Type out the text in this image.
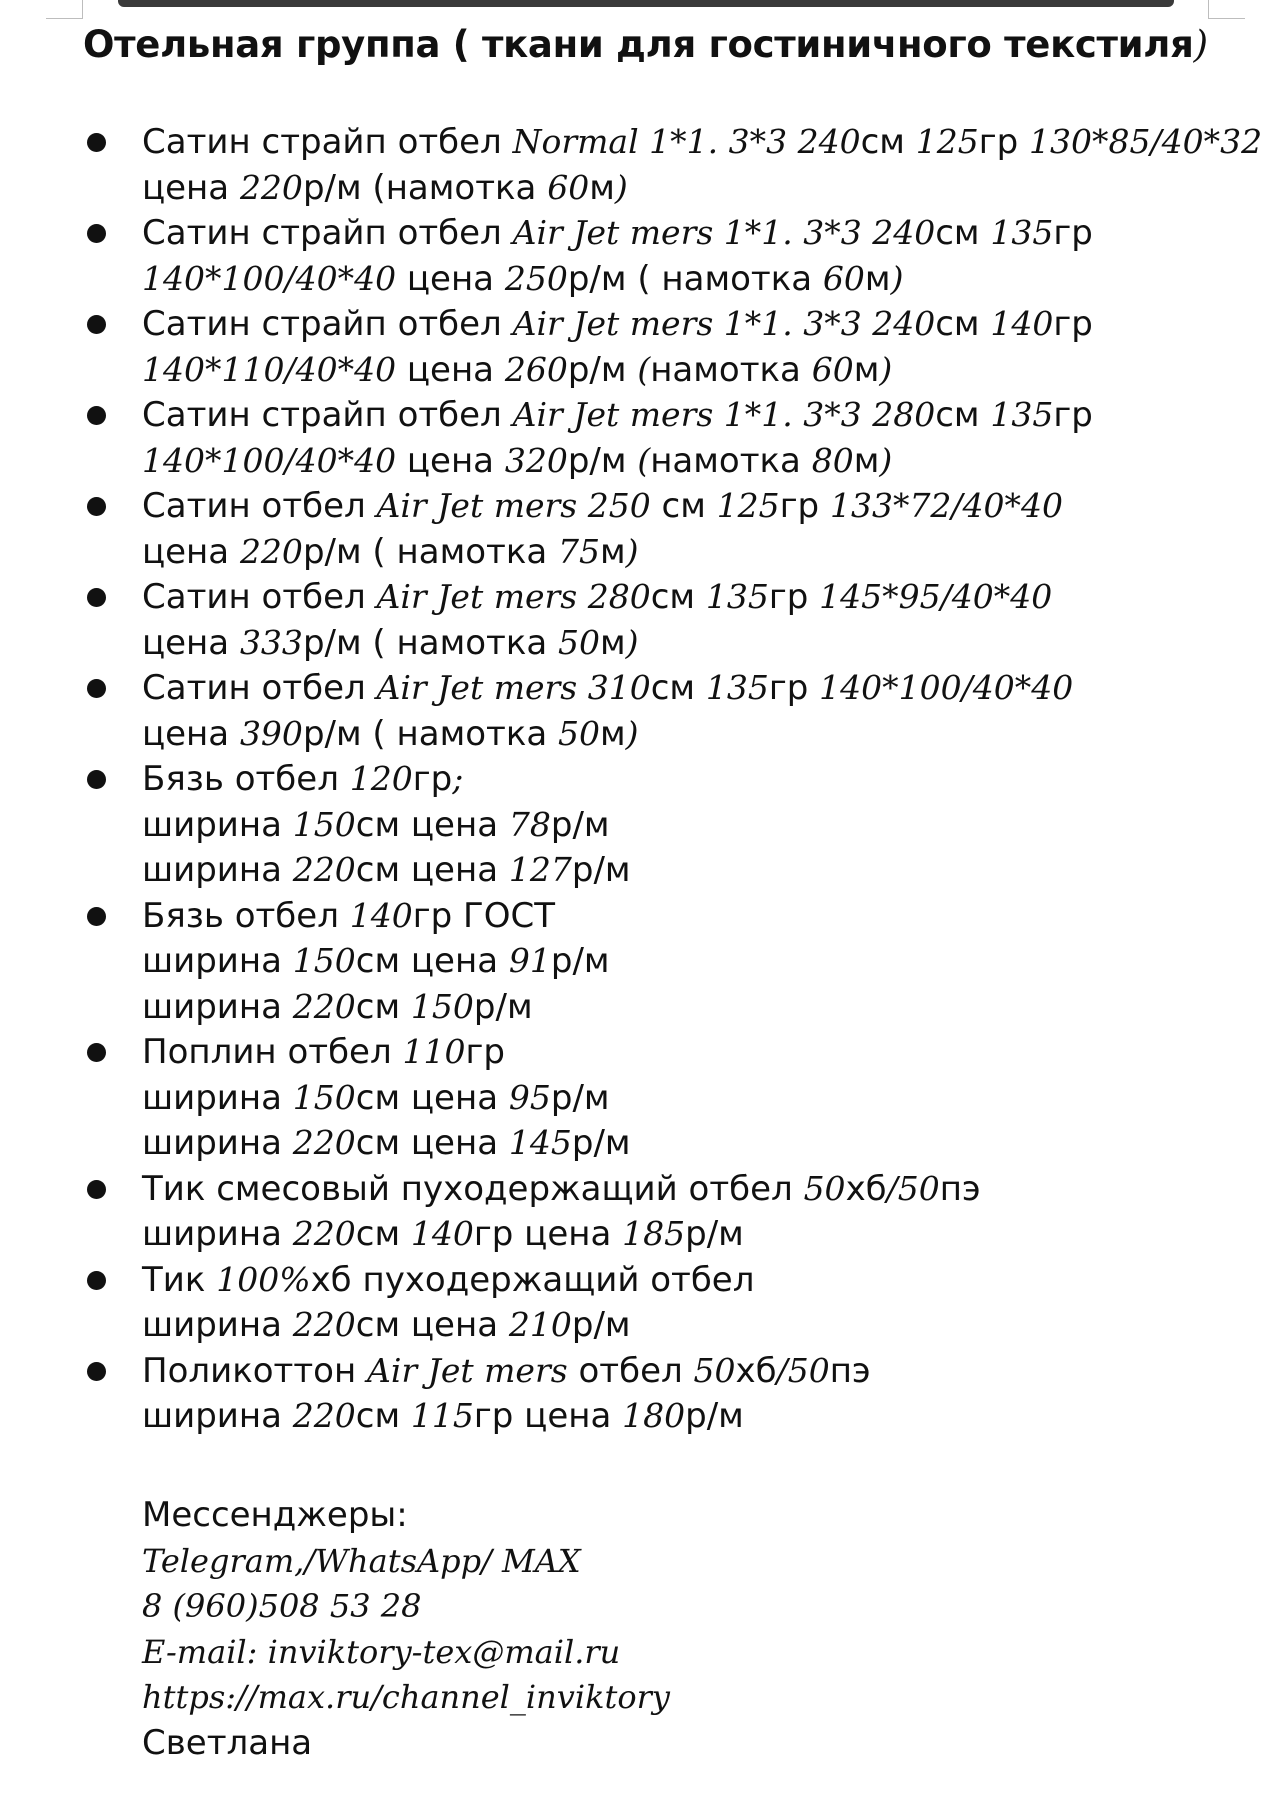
Отельная группа ( ткани для гостиничного текстиля)
Сатин страйп отбел Normal 1*1. 3*3 240см 125гр 130*85/40*32
цена 220р/м (намотка 60м)
Сатин страйп отбел Air Jet mers 1*1. 3*3 240см 135гр
140*100/40*40 цена 250р/м ( намотка 60м)
Сатин страйп отбел Air Jet mers 1*1. 3*3 240см 140гр
140*110/40*40 цена 260р/м (намотка 60м)
Сатин страйп отбел Air Jet mers 1*1. 3*3 280см 135гр
140*100/40*40 цена 320р/м (намотка 80м)
Сатин отбел Air Jet mers 250 см 125гр 133*72/40*40
цена 220р/м ( намотка 75м)
Сатин отбел Air Jet mers 280см 135гр 145*95/40*40
цена 333р/м ( намотка 50м)
Сатин отбел Air Jet mers 310см 135гр 140*100/40*40
цена 390р/м ( намотка 50м)
Бязь отбел 120гр;
ширина 150см цена 78р/м
ширина 220см цена 127р/м
Бязь отбел 140гр ГОСТ
ширина 150см цена 91р/м
ширина 220см 150р/м
Поплин отбел 110гр
ширина 150см цена 95р/м
ширина 220см цена 145р/м
Тик смесовый пуходержащий отбел 50хб/50пэ
ширина 220см 140гр цена 185р/м
Тик 100%хб пуходержащий отбел
ширина 220см цена 210р/м
Поликоттон Air Jet mers отбел 50хб/50пэ
ширина 220см 115гр цена 180р/м
Мессенджеры:
Telegram,/WhatsApp/ MAX
8 (960)508 53 28
E-mail: inviktory-tex@mail.ru
https://max.ru/channel_inviktory
Светлана
